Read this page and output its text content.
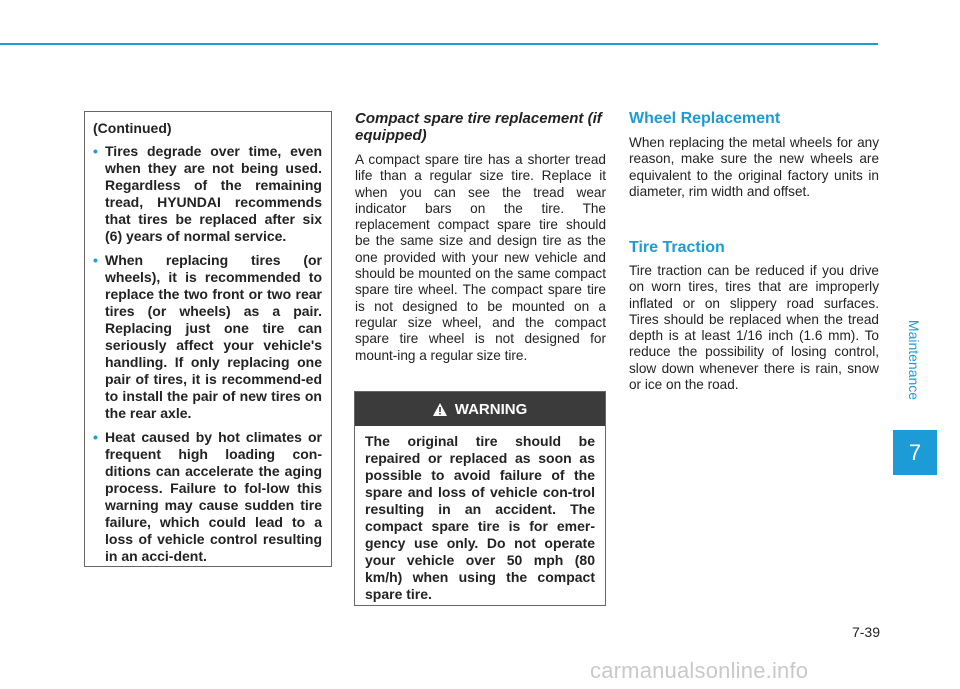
Maintenance
7

(Continued)

• Tires degrade over time, even when they are not being used. Regardless of the remaining tread, HYUNDAI recommends that tires be replaced after six (6) years of normal service.
• When replacing tires (or wheels), it is recommended to replace the two front or two rear tires (or wheels) as a pair. Replacing just one tire can seriously affect your vehicle's handling. If only replacing one pair of tires, it is recommend-ed to install the pair of new tires on the rear axle.
• Heat caused by hot climates or frequent high loading con-ditions can accelerate the aging process. Failure to fol-low this warning may cause sudden tire failure, which could lead to a loss of vehicle control resulting in an acci-dent.
Compact spare tire replacement (if equipped)

A compact spare tire has a shorter tread life than a regular size tire. Replace it when you can see the tread wear indicator bars on the tire. The replacement compact spare tire should be the same size and design tire as the one provided with your new vehicle and should be mounted on the same compact spare tire wheel. The compact spare tire is not designed to be mounted on a regular size wheel, and the compact spare tire wheel is not designed for mount-ing a regular size tire.

WARNING

The original tire should be repaired or replaced as soon as possible to avoid failure of the spare and loss of vehicle con-trol resulting in an accident. The compact spare tire is for emer-gency use only. Do not operate your vehicle over 50 mph (80 km/h) when using the compact spare tire.

Wheel Replacement

When replacing the metal wheels for any reason, make sure the new wheels are equivalent to the original factory units in diameter, rim width and offset.

Tire Traction

Tire traction can be reduced if you drive on worn tires, tires that are improperly inflated or on slippery road surfaces. Tires should be replaced when the tread depth is at least 1/16 inch (1.6 mm). To reduce the possibility of losing control, slow down whenever there is rain, snow or ice on the road.

7-39
carmanualsonline.info
